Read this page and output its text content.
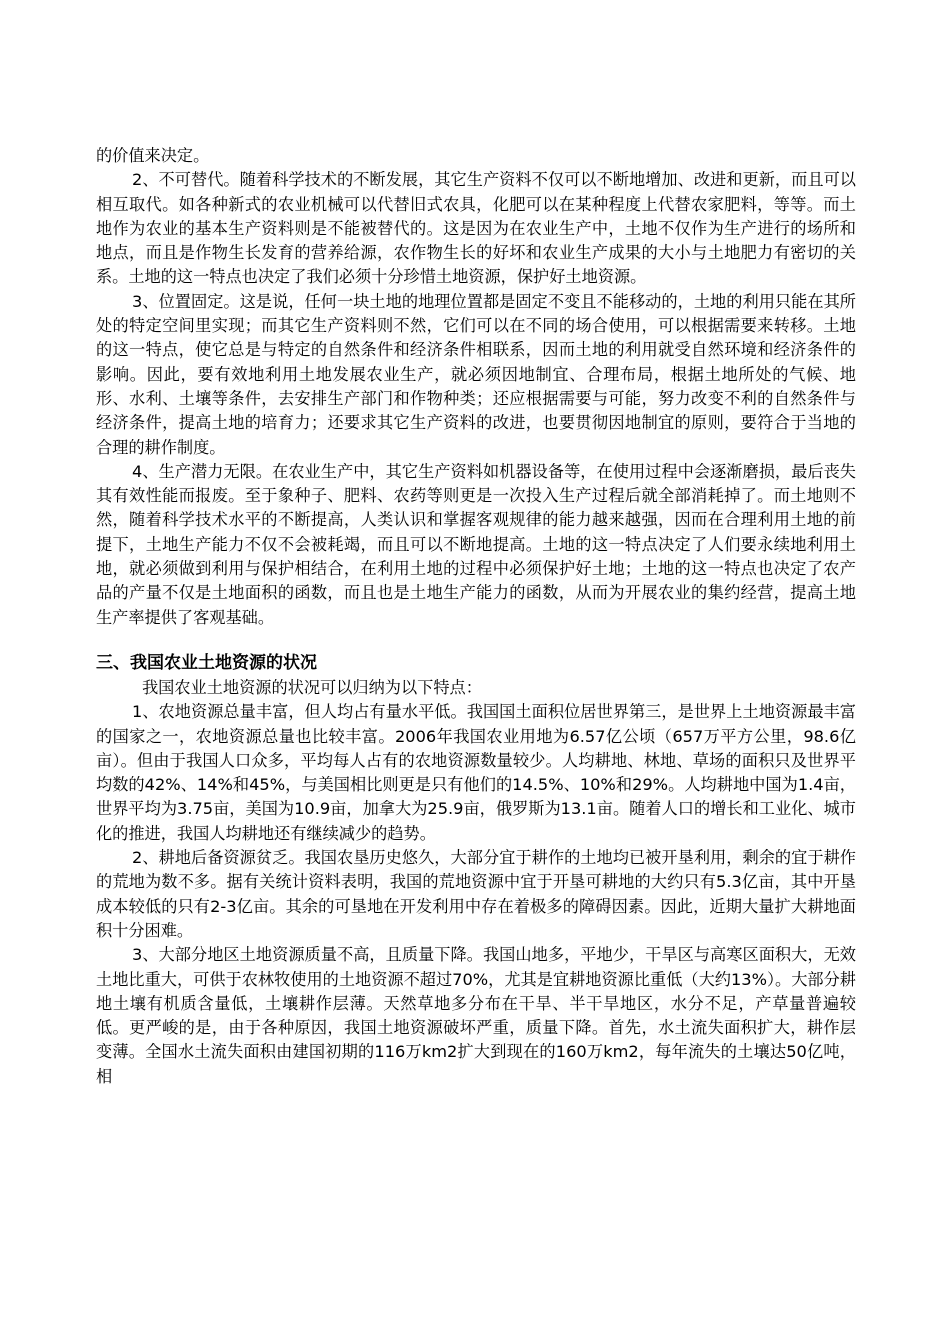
的价值来决定。

2、不可替代。随着科学技术的不断发展，其它生产资料不仅可以不断地增加、改进和更新，而且可以相互取代。如各种新式的农业机械可以代替旧式农具，化肥可以在某种程度上代替农家肥料，等等。而土地作为农业的基本生产资料则是不能被替代的。这是因为在农业生产中，土地不仅作为生产进行的场所和地点，而且是作物生长发育的营养给源，农作物生长的好坏和农业生产成果的大小与土地肥力有密切的关系。土地的这一特点也决定了我们必须十分珍惜土地资源，保护好土地资源。

3、位置固定。这是说，任何一块土地的地理位置都是固定不变且不能移动的，土地的利用只能在其所处的特定空间里实现；而其它生产资料则不然，它们可以在不同的场合使用，可以根据需要来转移。土地的这一特点，使它总是与特定的自然条件和经济条件相联系，因而土地的利用就受自然环境和经济条件的影响。因此，要有效地利用土地发展农业生产，就必须因地制宜、合理布局，根据土地所处的气候、地形、水利、土壤等条件，去安排生产部门和作物种类；还应根据需要与可能，努力改变不利的自然条件与经济条件，提高土地的培育力；还要求其它生产资料的改进，也要贯彻因地制宜的原则，要符合于当地的合理的耕作制度。

4、生产潜力无限。在农业生产中，其它生产资料如机器设备等，在使用过程中会逐渐磨损，最后丧失其有效性能而报废。至于象种子、肥料、农药等则更是一次投入生产过程后就全部消耗掉了。而土地则不然，随着科学技术水平的不断提高，人类认识和掌握客观规律的能力越来越强，因而在合理利用土地的前提下，土地生产能力不仅不会被耗竭，而且可以不断地提高。土地的这一特点决定了人们要永续地利用土地，就必须做到利用与保护相结合，在利用土地的过程中必须保护好土地；土地的这一特点也决定了农产品的产量不仅是土地面积的函数，而且也是土地生产能力的函数，从而为开展农业的集约经营，提高土地生产率提供了客观基础。

三、我国农业土地资源的状况

我国农业土地资源的状况可以归纳为以下特点：

1、农地资源总量丰富，但人均占有量水平低。我国国土面积位居世界第三，是世界上土地资源最丰富的国家之一，农地资源总量也比较丰富。2006年我国农业用地为6.57亿公顷（657万平方公里，98.6亿亩）。但由于我国人口众多，平均每人占有的农地资源数量较少。人均耕地、林地、草场的面积只及世界平均数的42%、14%和45%，与美国相比则更是只有他们的14.5%、10%和29%。人均耕地中国为1.4亩，世界平均为3.75亩，美国为10.9亩，加拿大为25.9亩，俄罗斯为13.1亩。随着人口的增长和工业化、城市化的推进，我国人均耕地还有继续减少的趋势。

2、耕地后备资源贫乏。我国农垦历史悠久，大部分宜于耕作的土地均已被开垦利用，剩余的宜于耕作的荒地为数不多。据有关统计资料表明，我国的荒地资源中宜于开垦可耕地的大约只有5.3亿亩，其中开垦成本较低的只有2-3亿亩。其余的可垦地在开发利用中存在着极多的障碍因素。因此，近期大量扩大耕地面积十分困难。

3、大部分地区土地资源质量不高，且质量下降。我国山地多，平地少，干旱区与高寒区面积大，无效土地比重大，可供于农林牧使用的土地资源不超过70%，尤其是宜耕地资源比重低（大约13%）。大部分耕地土壤有机质含量低，土壤耕作层薄。天然草地多分布在干旱、半干旱地区，水分不足，产草量普遍较低。更严峻的是，由于各种原因，我国土地资源破坏严重，质量下降。首先，水土流失面积扩大，耕作层变薄。全国水土流失面积由建国初期的116万km2扩大到现在的160万km2，每年流失的土壤达50亿吨，相
